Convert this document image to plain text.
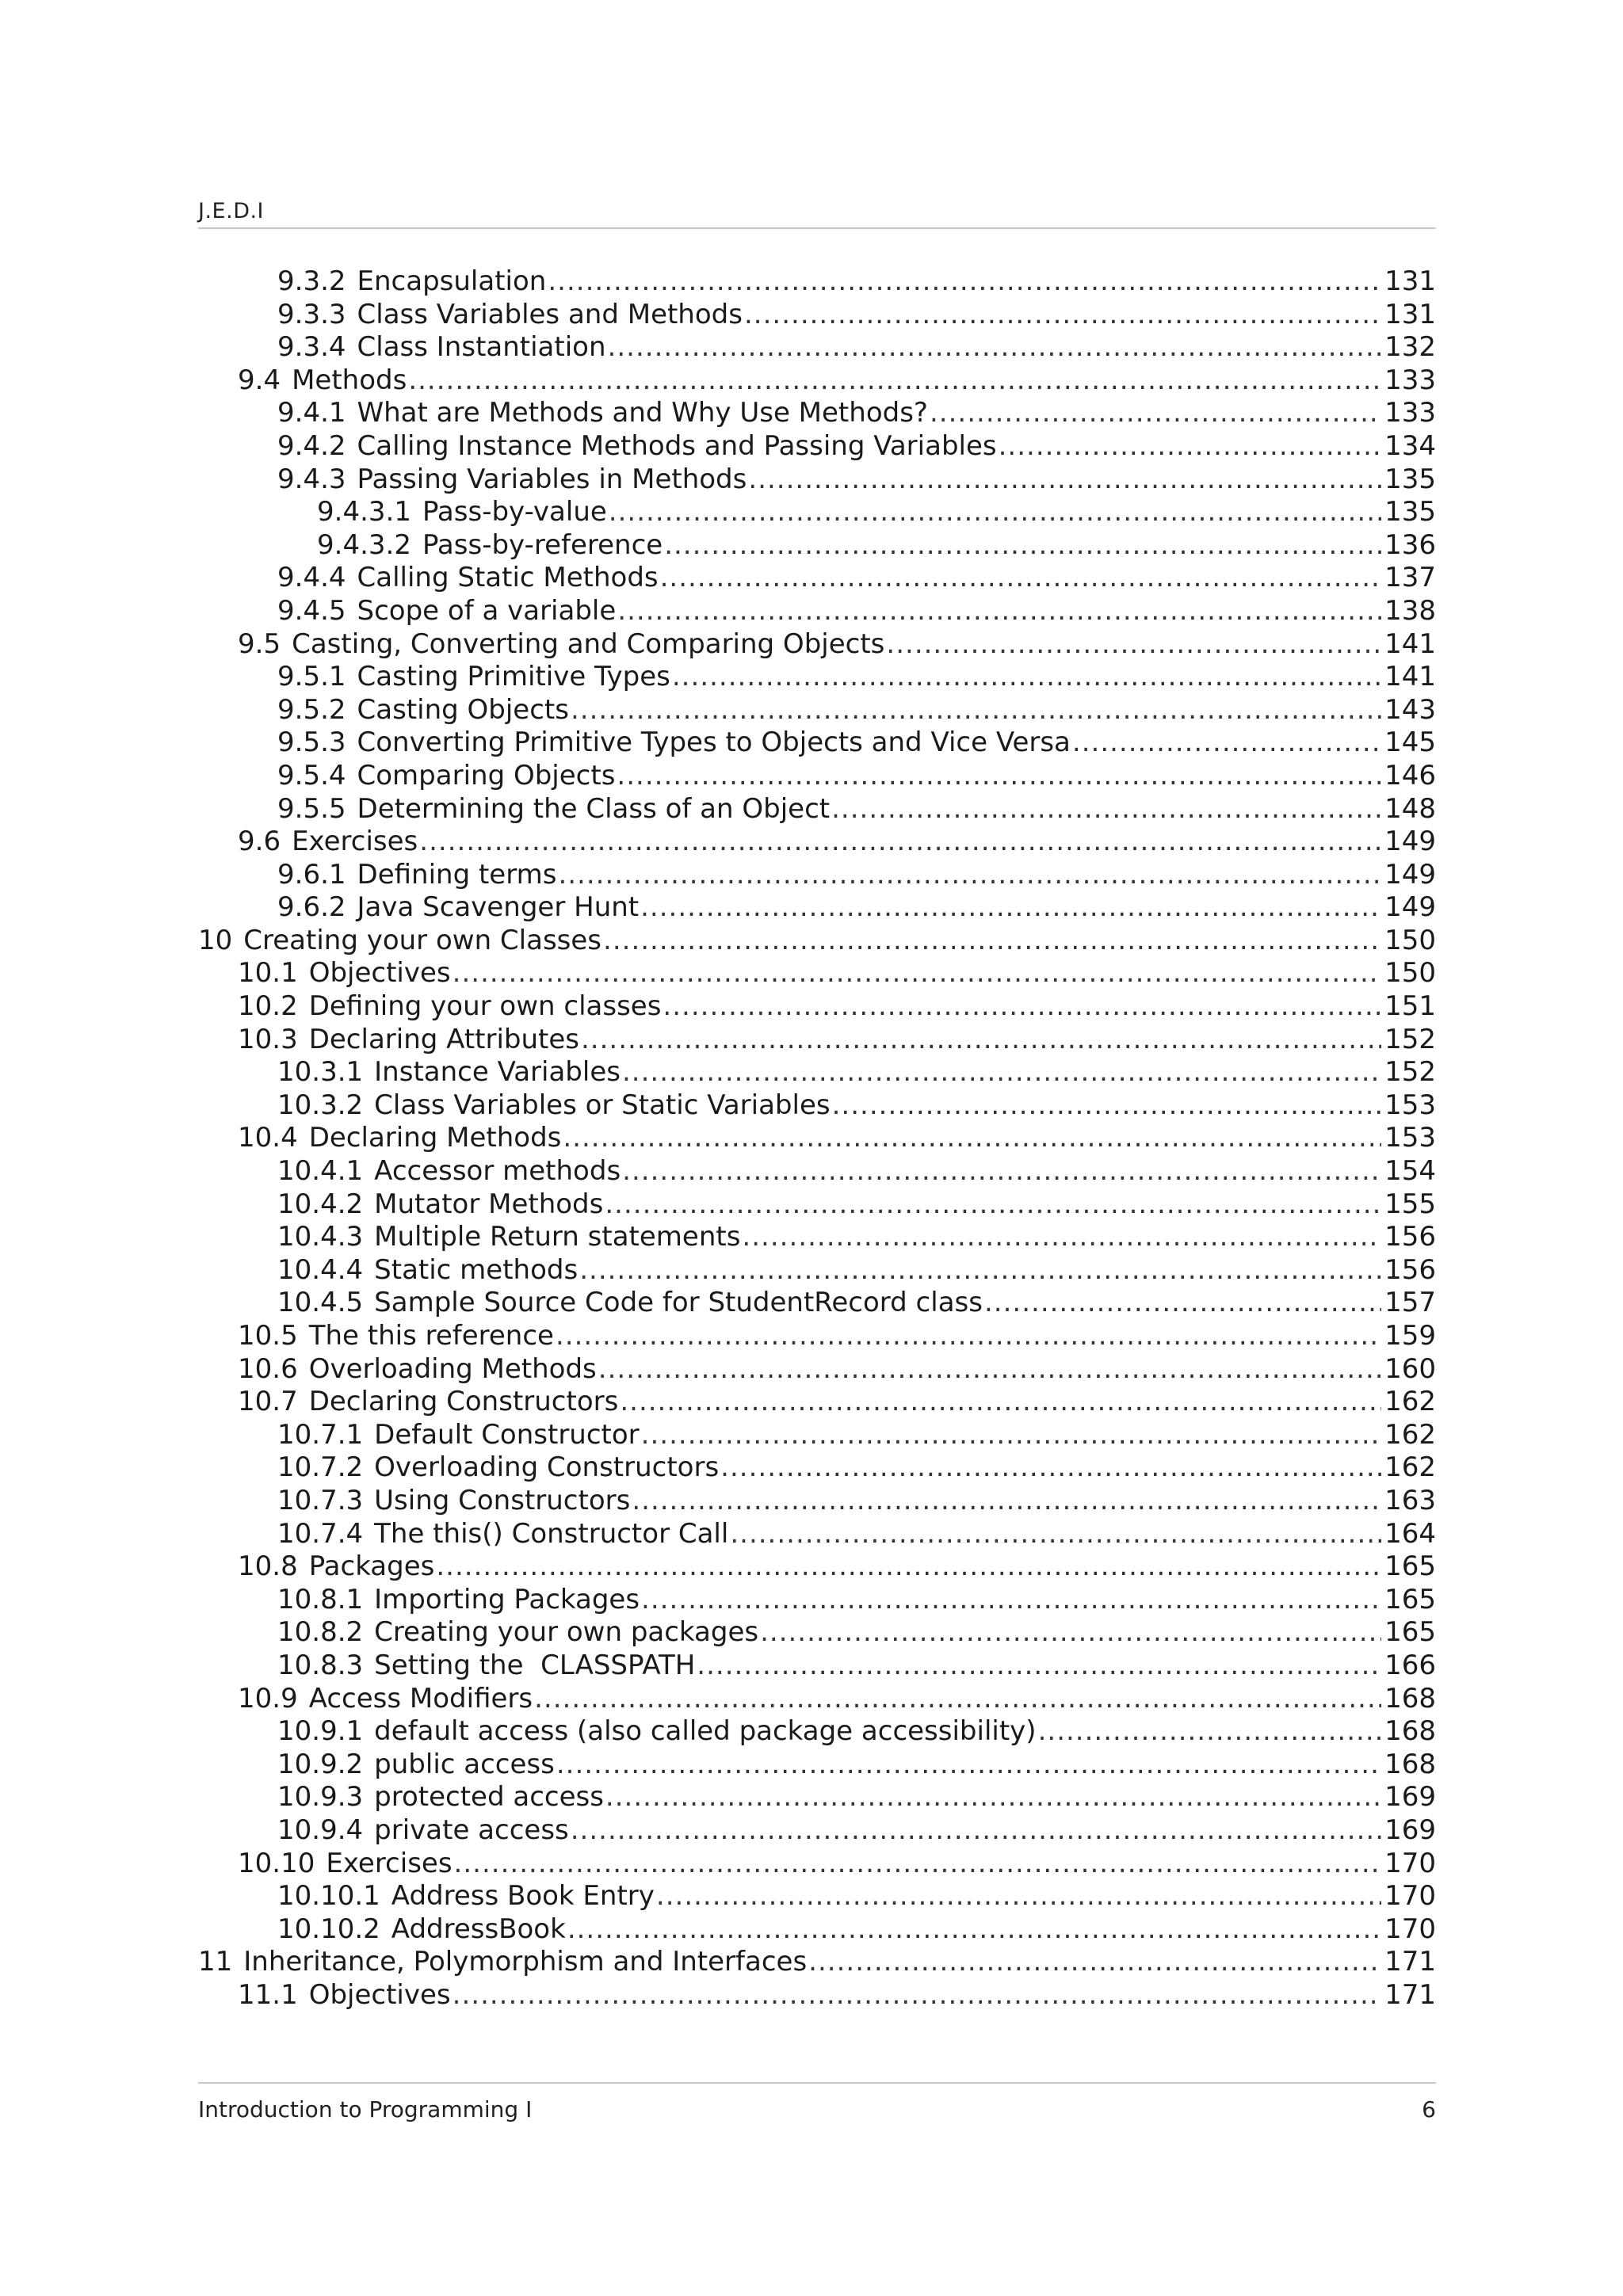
J.E.D.I
9.3.2 Encapsulation .....	131
9.3.3 Class Variables and Methods .....	131
9.3.4 Class Instantiation .....	132
9.4 Methods .....	133
9.4.1 What are Methods and Why Use Methods? .....	133
9.4.2 Calling Instance Methods and Passing Variables .....	134
9.4.3 Passing Variables in Methods .....	135
9.4.3.1 Pass-by-value .....	135
9.4.3.2 Pass-by-reference .....	136
9.4.4 Calling Static Methods .....	137
9.4.5 Scope of a variable .....	138
9.5 Casting, Converting and Comparing Objects .....	141
9.5.1 Casting Primitive Types .....	141
9.5.2 Casting Objects .....	143
9.5.3 Converting Primitive Types to Objects and Vice Versa .....	145
9.5.4 Comparing Objects .....	146
9.5.5 Determining the Class of an Object .....	148
9.6 Exercises .....	149
9.6.1 Defining terms .....	149
9.6.2 Java Scavenger Hunt .....	149
10 Creating your own Classes .....	150
10.1 Objectives .....	150
10.2 Defining your own classes .....	151
10.3 Declaring Attributes .....	152
10.3.1 Instance Variables .....	152
10.3.2 Class Variables or Static Variables .....	153
10.4 Declaring Methods .....	153
10.4.1 Accessor methods .....	154
10.4.2 Mutator Methods .....	155
10.4.3 Multiple Return statements .....	156
10.4.4 Static methods .....	156
10.4.5 Sample Source Code for StudentRecord class .....	157
10.5 The this reference .....	159
10.6 Overloading Methods .....	160
10.7 Declaring Constructors .....	162
10.7.1 Default Constructor .....	162
10.7.2 Overloading Constructors .....	162
10.7.3 Using Constructors .....	163
10.7.4 The this() Constructor Call .....	164
10.8 Packages .....	165
10.8.1 Importing Packages .....	165
10.8.2 Creating your own packages .....	165
10.8.3 Setting the  CLASSPATH .....	166
10.9 Access Modifiers .....	168
10.9.1 default access (also called package accessibility) .....	168
10.9.2 public access .....	168
10.9.3 protected access .....	169
10.9.4 private access .....	169
10.10 Exercises .....	170
10.10.1 Address Book Entry .....	170
10.10.2 AddressBook .....	170
11 Inheritance, Polymorphism and Interfaces .....	171
11.1 Objectives .....	171
Introduction to Programming I	6
